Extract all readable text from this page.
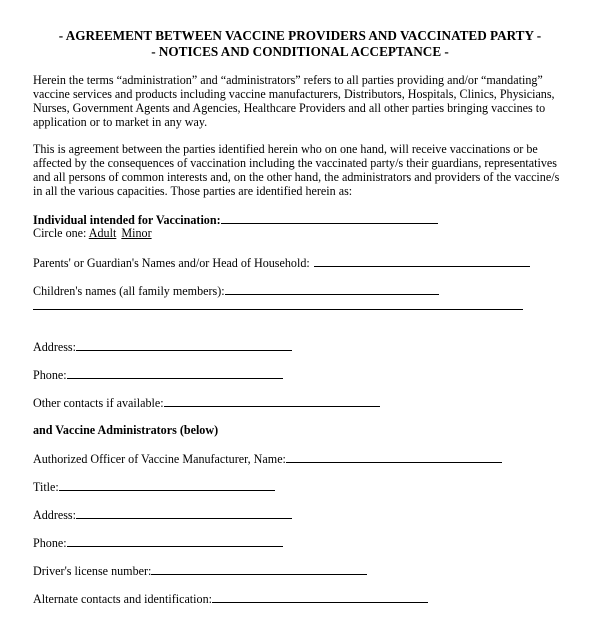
- AGREEMENT BETWEEN VACCINE PROVIDERS AND VACCINATED PARTY -
- NOTICES AND CONDITIONAL ACCEPTANCE -
Herein the terms “administration” and “administrators” refers to all parties providing and/or “mandating” vaccine services and products including vaccine manufacturers, Distributors, Hospitals, Clinics, Physicians, Nurses, Government Agents and Agencies, Healthcare Providers and all other parties bringing vaccines to application or to market in any way.
This is agreement between the parties identified herein who on one hand, will receive vaccinations or be affected by the consequences of vaccination including the vaccinated party/s their guardians, representatives and all persons of common interests and, on the other hand, the administrators and providers of the vaccine/s in all the various capacities. Those parties are identified herein as:
Individual intended for Vaccination:
Circle one: Adult Minor
Parents' or Guardian's Names and/or Head of Household:
Children's names (all family members):
Address:
Phone:
Other contacts if available:
and Vaccine Administrators (below)
Authorized Officer of Vaccine Manufacturer, Name:
Title:
Address:
Phone:
Driver's license number:
Alternate contacts and identification:
